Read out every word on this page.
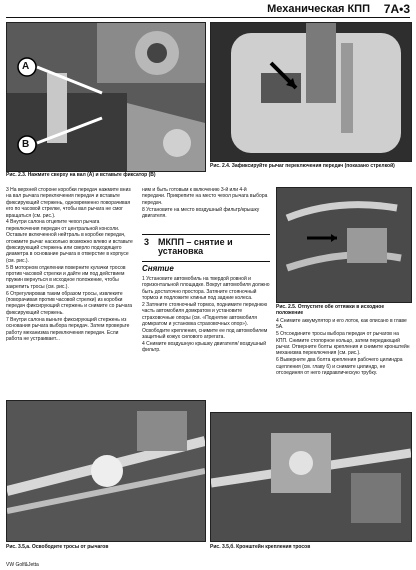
Механическая КПП 7А•3
A
B
Рис. 2.3. Нажмите сверху на вал (А) и вставьте фиксатор (В)
Рис. 2.4. Зафиксируйте рычаг переключения передач (показано стрелкой)

3 На верхней стороне коробки передач нажмите вниз на вал рычага переключения передач и вставьте фиксирующий стержень, одновременно поворачивая его по часовой стрелке, чтобы вал рычага не смог вращаться (см. рис.).

4 Внутри салона отцепите чехол рычага переключения передач от центральной консоли. Оставьте включенной нейтраль в коробке передач, отожмите рычаг насколько возможно влево и вставьте фиксирующий стержень или сверло подходящего диаметра в основание рычага в отверстие в корпусе (см. рис.).

5 В моторном отделении поверните кулачки тросов против часовой стрелки и дайте им под действием пружин вернуться в исходное положение, чтобы закрепить тросы (см. рис.).

6 Отрегулировав таким образом тросы, извлеките (поворачивая против часовой стрелки) из коробки передач фиксирующий стержень и снимите со рычага фиксирующий стержень.

7 Внутри салона выньте фиксирующий стержень из основания рычага выбора передач. Затем проверьте работу механизма переключения передач. Если работа не устраивает...

ним и быть готовым к включению 3-й или 4-й передачи. Прикрепите на место чехол рычага выбора передач.

8 Установите на место воздушный фильтр/крышку двигателя.

3 МКПП – снятие и установка
Снятие

1 Установите автомобиль на твердой ровной и горизонтальной площадке. Вокруг автомобиля должно быть достаточно простора. Затяните стояночный тормоз и подложите клинья под задние колеса.

2 Затяните стояночный тормоз, поднимите переднюю часть автомобиля домкратом и установите страховочные опоры (см. «Поднятие автомобиля домкратом и установка страховочных опор»). Освободите крепления, снимите ее под автомобилем защитный кожух силового агрегата.

4 Снимите воздушную крышку двигателя/ воздушный фильтр.

Рис. 2.5. Отпустите обе оттяжки в исходное положение

4 Снимите аккумулятор и его лоток, как описано в главе 5А.

5 Отсоедините тросы выбора передач от рычагов на КПП. Снимите стопорное кольцо, затем передающий рычаг. Отверните болты крепления и снимите кронштейн механизма переключения (см. рис.).

6 Выверните два болта крепления рабочего цилиндра сцепления (см. главу 6) и снимите цилиндр, не отсоединяя от него гидравлическую трубку.

Рис. 3.5,а. Освободите тросы от рычагов	Рис. 3.5,б. Кронштейн крепления тросов
VW Golf&Jetta
